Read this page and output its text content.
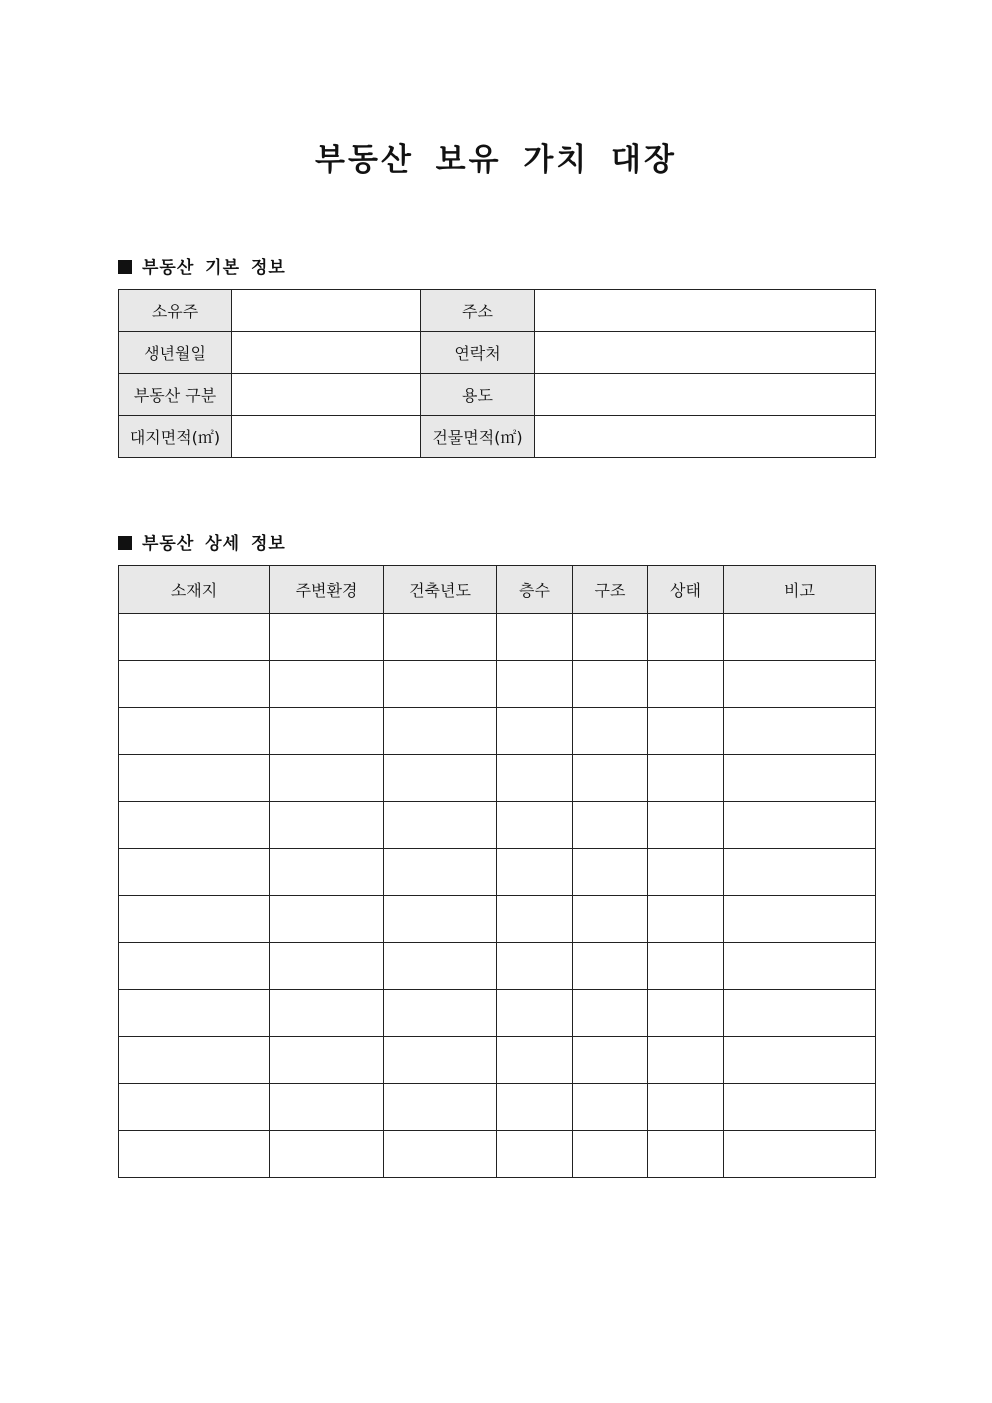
부동산 보유 가치 대장
부동산 기본 정보
소유주		주소	
생년월일		연락처	
부동산 구분		용도	
대지면적(㎡)		건물면적(㎡)	
부동산 상세 정보
소재지	주변환경	건축년도	층수	구조	상태	비고
